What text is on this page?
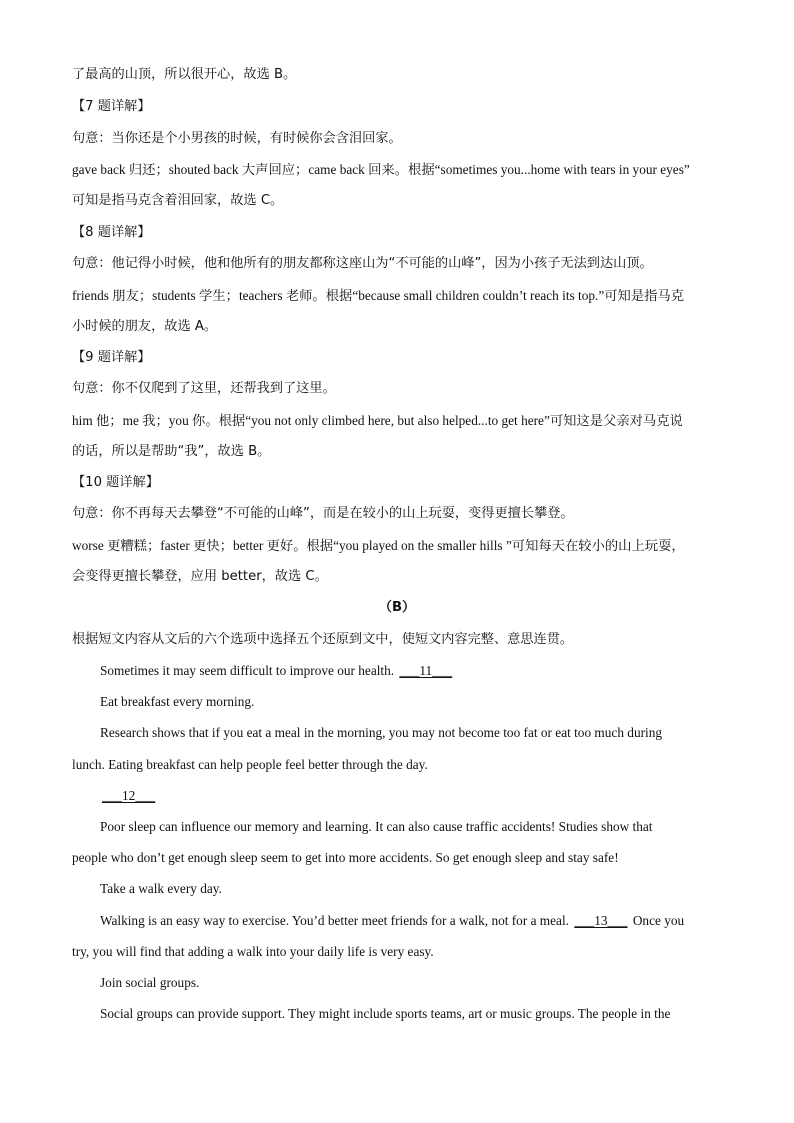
了最高的山顶，所以很开心，故选 B。
【7 题详解】
句意：当你还是个小男孩的时候，有时候你会含泪回家。
gave back 归还；shouted back 大声回应；came back 回来。根据“sometimes you...home with tears in your eyes”
可知是指马克含着泪回家，故选 C。
【8 题详解】
句意：他记得小时候，他和他所有的朋友都称这座山为“不可能的山峰”，因为小孩子无法到达山顶。
friends 朋友；students 学生；teachers 老师。根据“because small children couldn’t reach its top.”可知是指马克
小时候的朋友，故选 A。
【9 题详解】
句意：你不仅爬到了这里，还帮我到了这里。
him 他；me 我；you 你。根据“you not only climbed here, but also helped...to get here”可知这是父亲对马克说
的话，所以是帮助“我”，故选 B。
【10 题详解】
句意：你不再每天去攀登“不可能的山峰”，而是在较小的山上玩耍，变得更擅长攀登。
worse 更糟糕；faster 更快；better 更好。根据“you played on the smaller hills ”可知每天在较小的山上玩耍，
会变得更擅长攀登，应用 better，故选 C。
（B）
根据短文内容从文后的六个选项中选择五个还原到文中，使短文内容完整、意思连贯。
Sometimes it may seem difficult to improve our health. ___11___
Eat breakfast every morning.
Research shows that if you eat a meal in the morning, you may not become too fat or eat too much during
lunch. Eating breakfast can help people feel better through the day.
___12___
Poor sleep can influence our memory and learning. It can also cause traffic accidents! Studies show that
people who don’t get enough sleep seem to get into more accidents. So get enough sleep and stay safe!
Take a walk every day.
Walking is an easy way to exercise. You’d better meet friends for a walk, not for a meal. ___13___ Once you
try, you will find that adding a walk into your daily life is very easy.
Join social groups.
Social groups can provide support. They might include sports teams, art or music groups. The people in the
